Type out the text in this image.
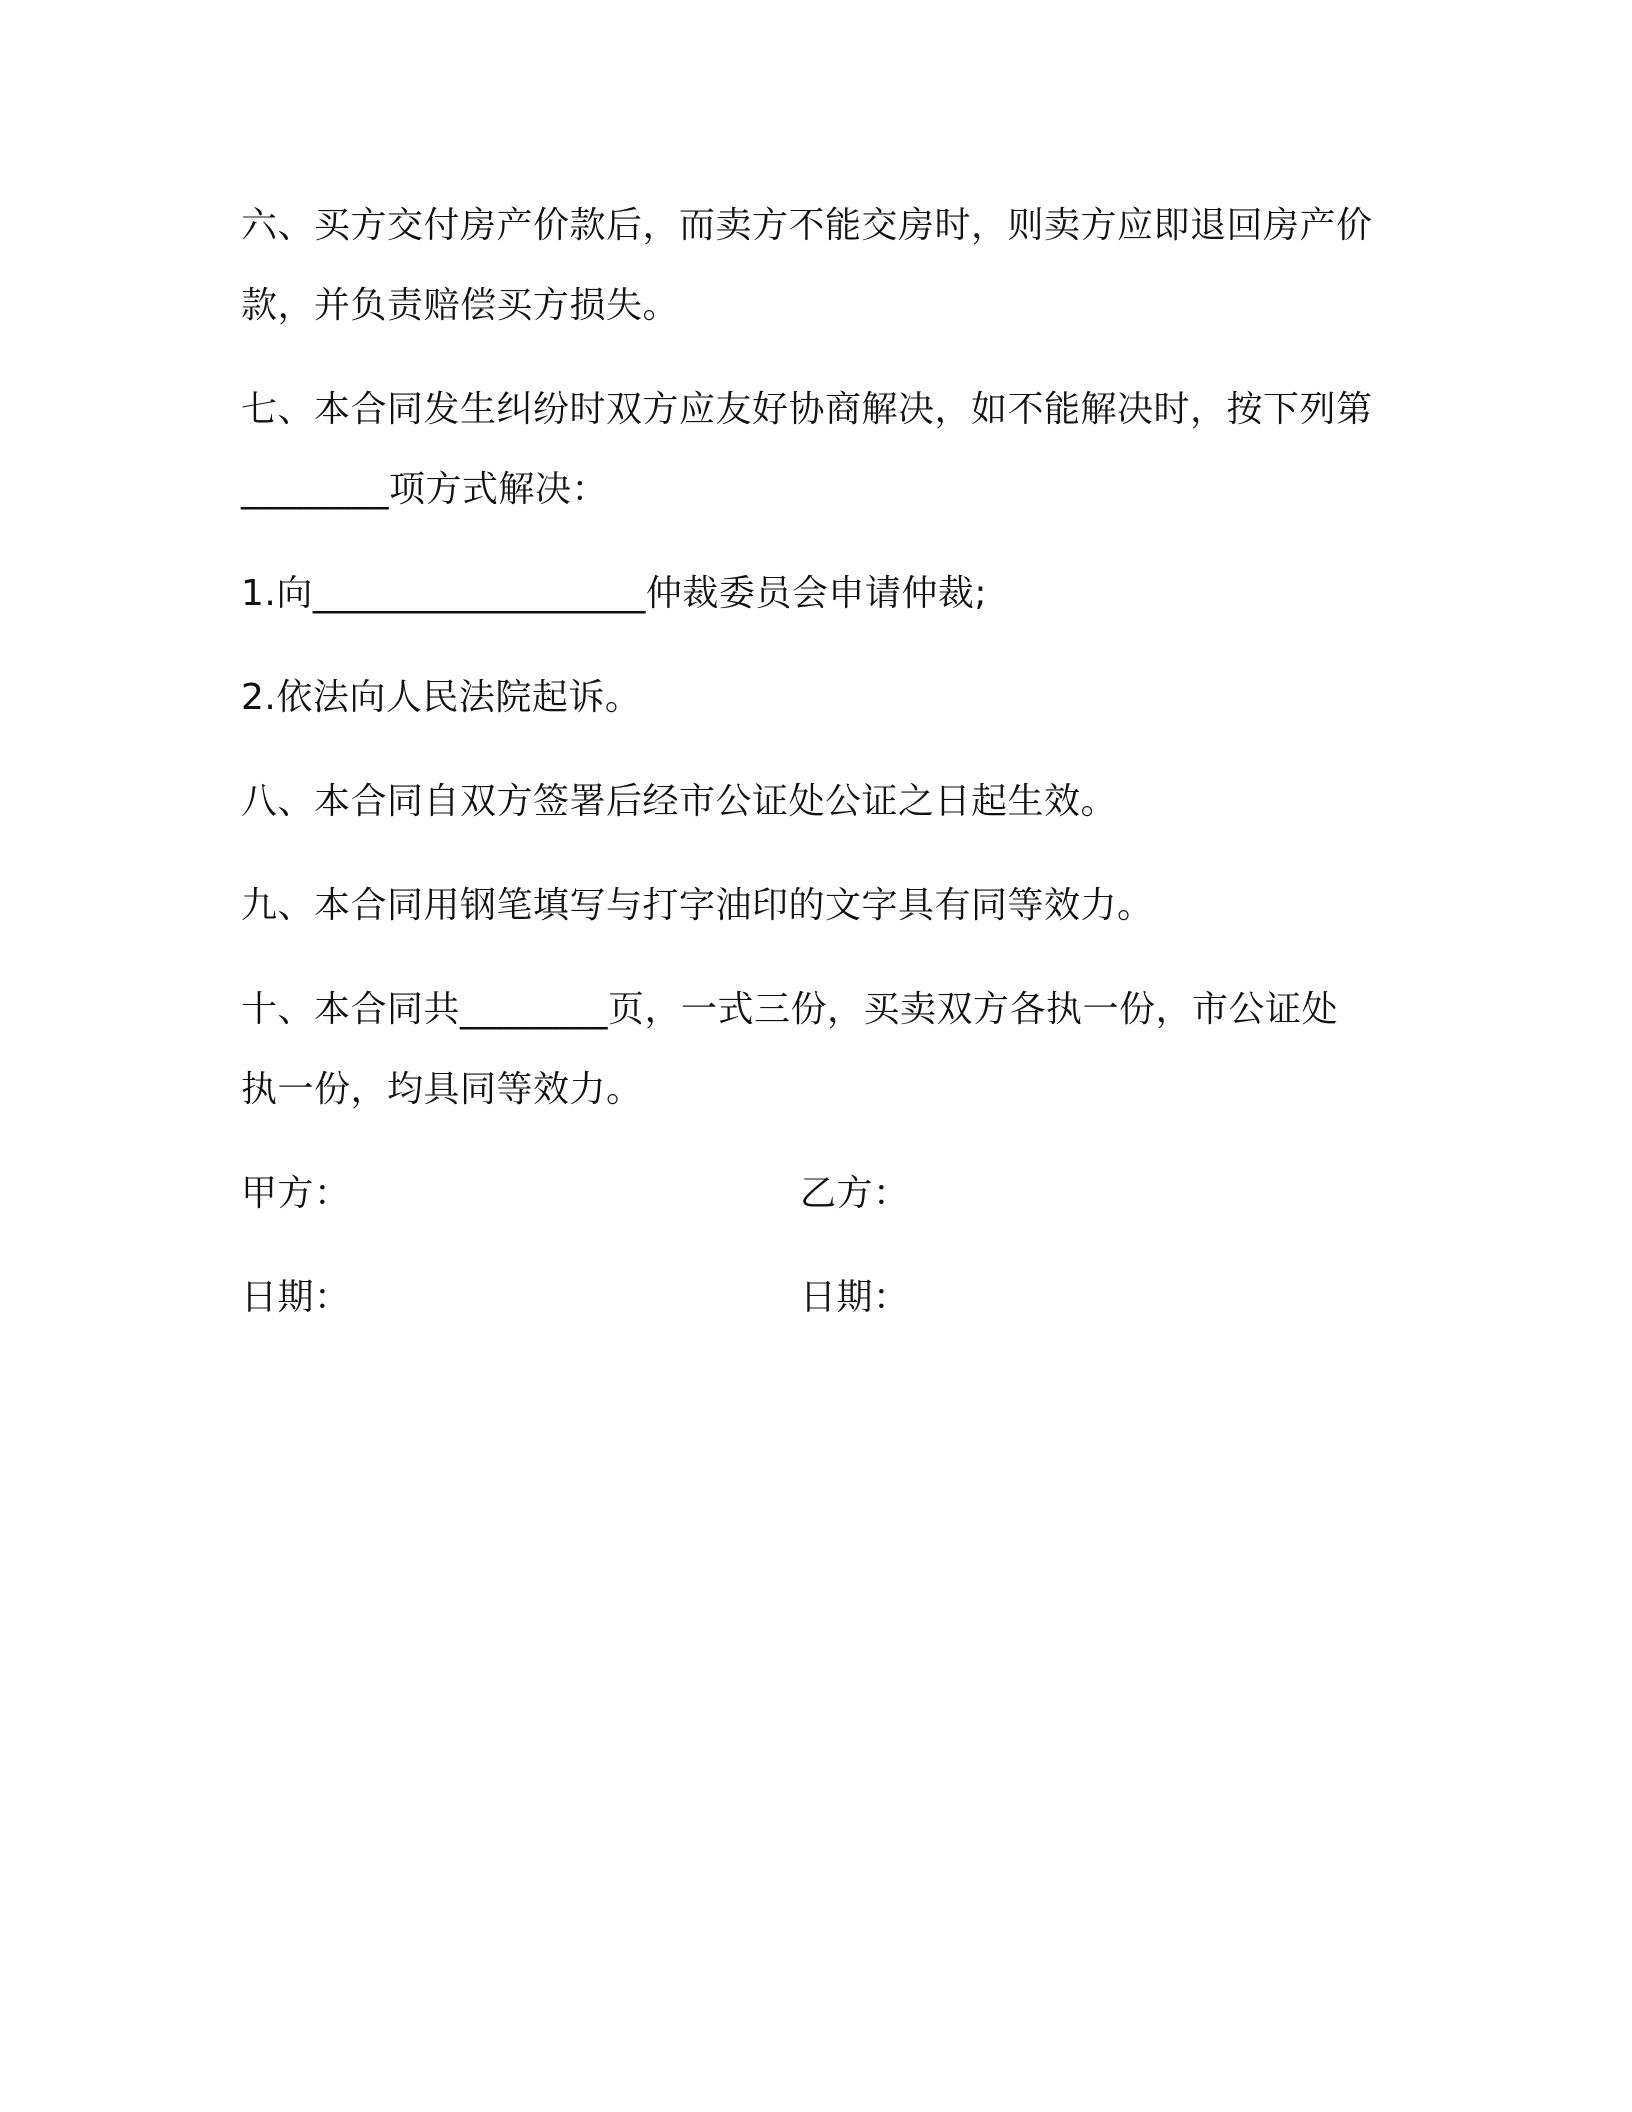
六、买方交付房产价款后，而卖方不能交房时，则卖方应即退回房产价款，并负责赔偿买方损失。

七、本合同发生纠纷时双方应友好协商解决，如不能解决时，按下列第________项方式解决：

1.向__________________仲裁委员会申请仲裁;

2.依法向人民法院起诉。

八、本合同自双方签署后经市公证处公证之日起生效。

九、本合同用钢笔填写与打字油印的文字具有同等效力。

十、本合同共________页，一式三份，买卖双方各执一份，市公证处执一份，均具同等效力。

甲方：	乙方：
日期：	日期：
